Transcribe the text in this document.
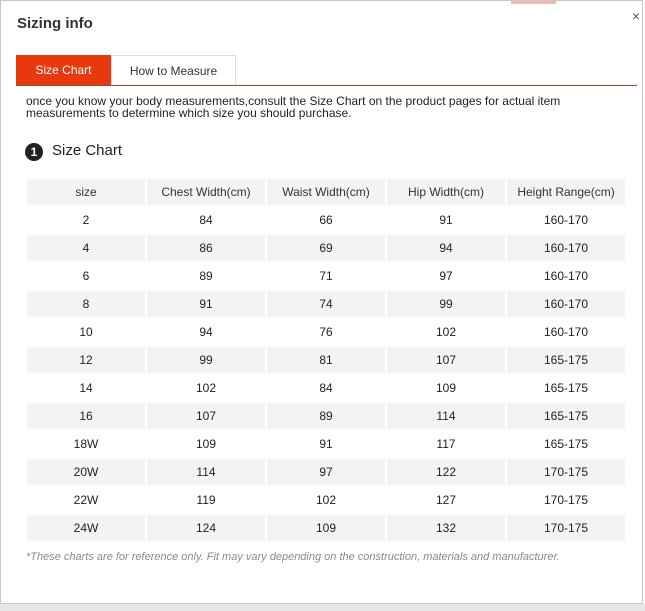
Sizing info	×
Size Chart	How to Measure
once you know your body measurements,consult the Size Chart on the product pages for actual item measurements to determine which size you should purchase.
1 Size Chart
size	Chest Width(cm)	Waist Width(cm)	Hip Width(cm)	Height Range(cm)
2	84	66	91	160-170
4	86	69	94	160-170
6	89	71	97	160-170
8	91	74	99	160-170
10	94	76	102	160-170
12	99	81	107	165-175
14	102	84	109	165-175
16	107	89	114	165-175
18W	109	91	117	165-175
20W	114	97	122	170-175
22W	119	102	127	170-175
24W	124	109	132	170-175
*These charts are for reference only. Fit may vary depending on the construction, materials and manufacturer.
